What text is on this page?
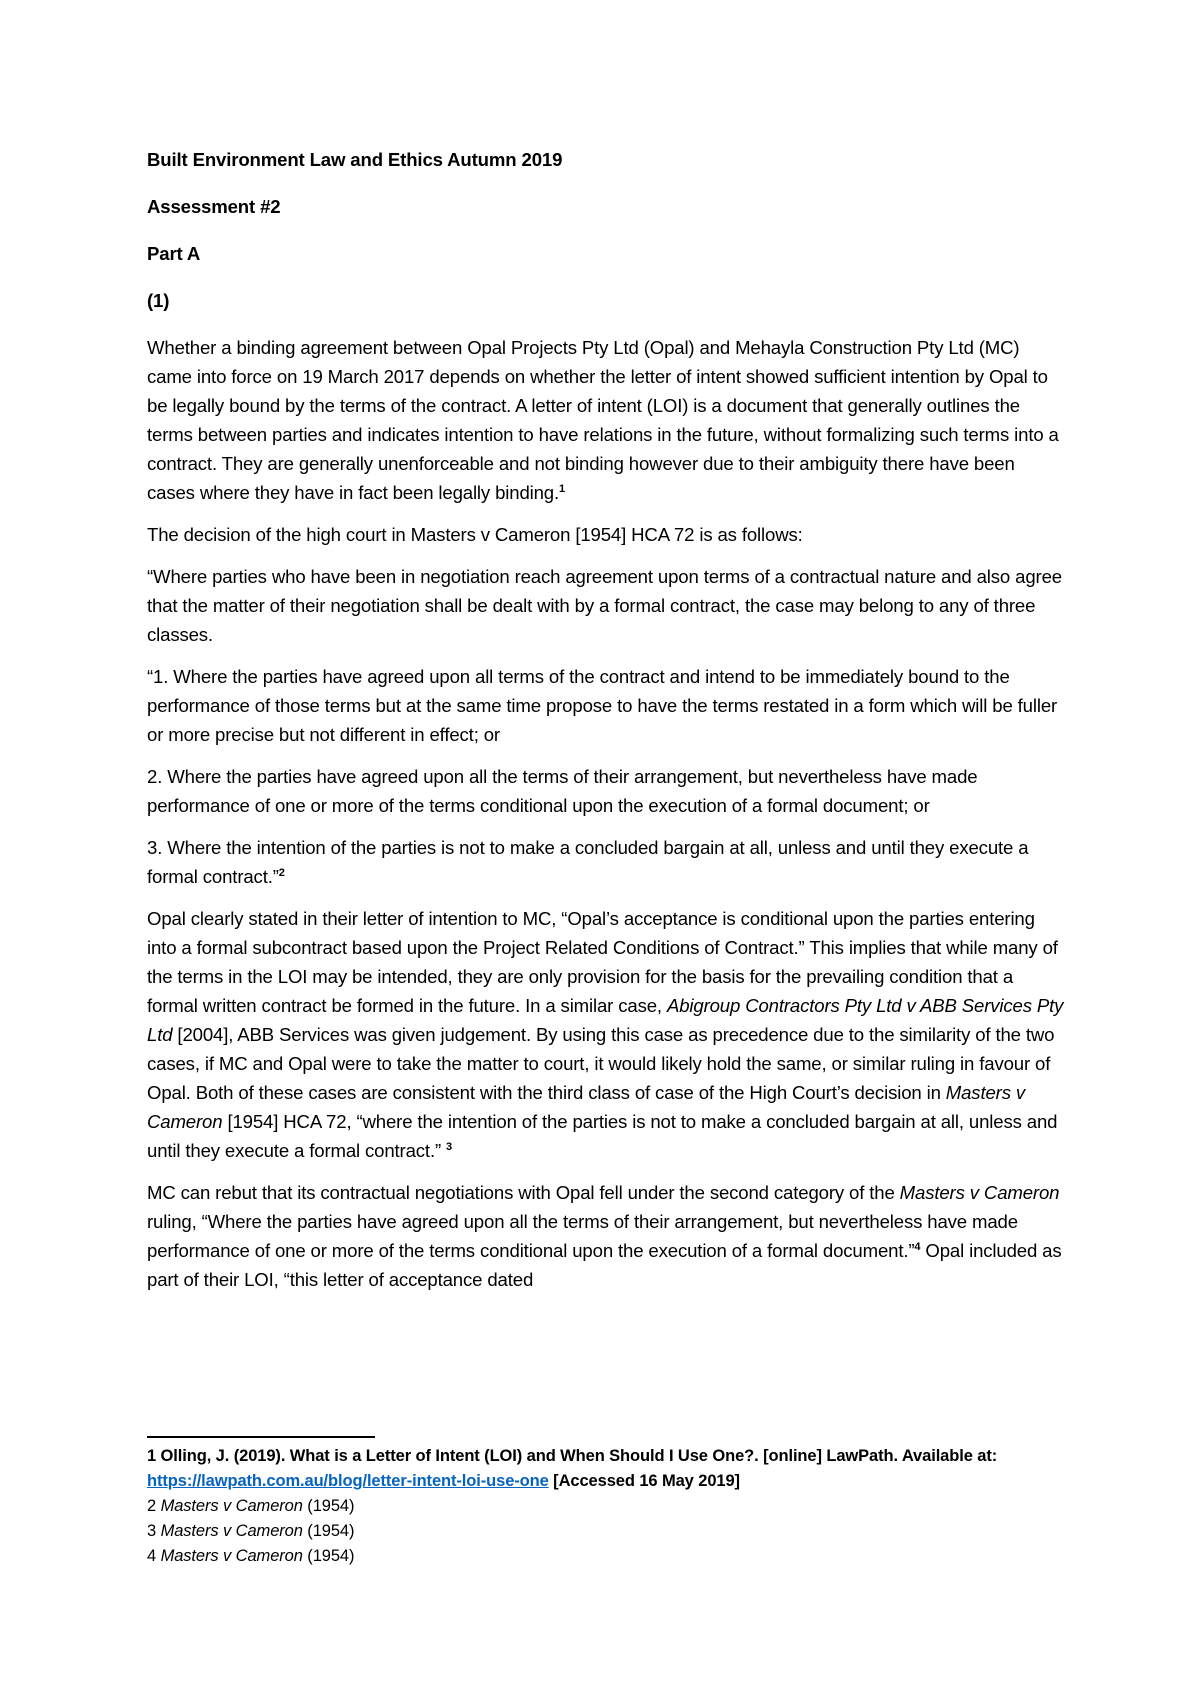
Built Environment Law and Ethics Autumn 2019
Assessment #2
Part A
(1)

Whether a binding agreement between Opal Projects Pty Ltd (Opal) and Mehayla Construction Pty Ltd (MC) came into force on 19 March 2017 depends on whether the letter of intent showed sufficient intention by Opal to be legally bound by the terms of the contract. A letter of intent (LOI) is a document that generally outlines the terms between parties and indicates intention to have relations in the future, without formalizing such terms into a contract. They are generally unenforceable and not binding however due to their ambiguity there have been cases where they have in fact been legally binding.$^1$

The decision of the high court in Masters v Cameron [1954] HCA 72 is as follows:

“Where parties who have been in negotiation reach agreement upon terms of a contractual nature and also agree that the matter of their negotiation shall be dealt with by a formal contract, the case may belong to any of three classes.

“1. Where the parties have agreed upon all terms of the contract and intend to be immediately bound to the performance of those terms but at the same time propose to have the terms restated in a form which will be fuller or more precise but not different in effect; or

2. Where the parties have agreed upon all the terms of their arrangement, but nevertheless have made performance of one or more of the terms conditional upon the execution of a formal document; or

3. Where the intention of the parties is not to make a concluded bargain at all, unless and until they execute a formal contract.”$^2$

Opal clearly stated in their letter of intention to MC, “Opal’s acceptance is conditional upon the parties entering into a formal subcontract based upon the Project Related Conditions of Contract.” This implies that while many of the terms in the LOI may be intended, they are only provision for the basis for the prevailing condition that a formal written contract be formed in the future. In a similar case, Abigroup Contractors Pty Ltd v ABB Services Pty Ltd [2004], ABB Services was given judgement. By using this case as precedence due to the similarity of the two cases, if MC and Opal were to take the matter to court, it would likely hold the same, or similar ruling in favour of Opal. Both of these cases are consistent with the third class of case of the High Court’s decision in Masters v Cameron [1954] HCA 72, “where the intention of the parties is not to make a concluded bargain at all, unless and until they execute a formal contract.” $^3$

MC can rebut that its contractual negotiations with Opal fell under the second category of the Masters v Cameron ruling, “Where the parties have agreed upon all the terms of their arrangement, but nevertheless have made performance of one or more of the terms conditional upon the execution of a formal document.”$^4$ Opal included as part of their LOI, “this letter of acceptance dated

1 Olling, J. (2019). What is a Letter of Intent (LOI) and When Should I Use One?. [online] LawPath. Available at:
https://lawpath.com.au/blog/letter-intent-loi-use-one [Accessed 16 May 2019]

2 Masters v Cameron (1954)

3 Masters v Cameron (1954)

4 Masters v Cameron (1954)
